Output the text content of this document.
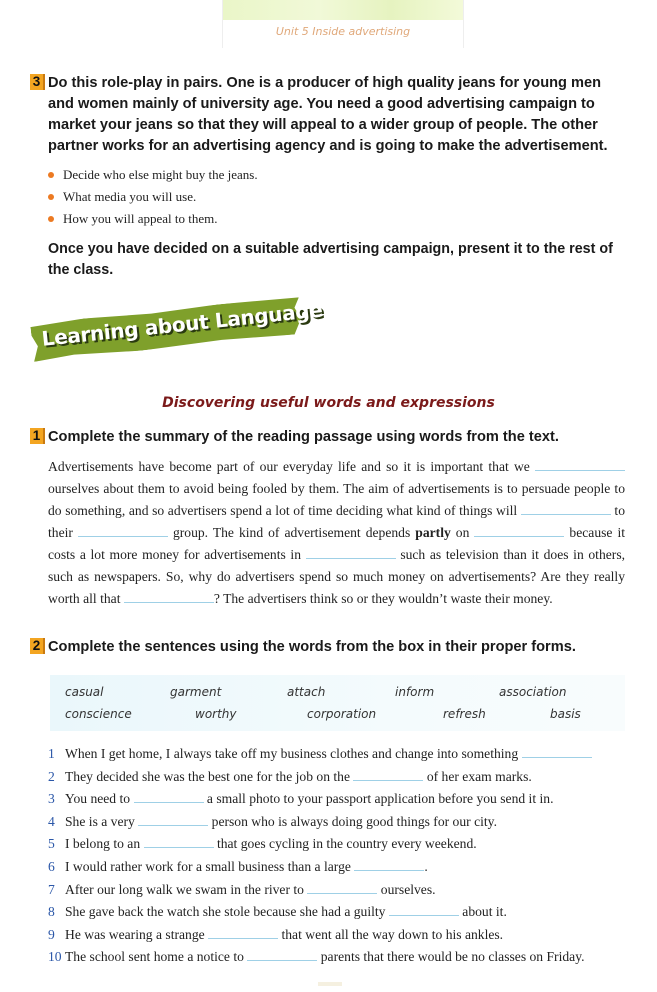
Unit 5 Inside advertising
3 Do this role-play in pairs. One is a producer of high quality jeans for young men
and women mainly of university age. You need a good advertising campaign to
market your jeans so that they will appeal to a wider group of people. The other
partner works for an advertising agency and is going to make the advertisement.
Decide who else might buy the jeans.
What media you will use.
How you will appeal to them.
Once you have decided on a suitable advertising campaign, present it to the rest of the class.
Learning about Language
Discovering useful words and expressions
1 Complete the summary of the reading passage using words from the text.
Advertisements have become part of our everyday life and so it is important that we  ourselves about them to avoid being fooled by them. The aim of advertisements is to persuade people to do something, and so advertisers spend a lot of time deciding what kind of things will	to their	group. The kind of advertisement depends partly on	because it costs a lot more money for advertisements in	such as television than it does in others, such as newspapers. So, why do advertisers spend so much money on advertisements? Are they really worth all that	? The advertisers think so or they wouldn’t waste their money.
2 Complete the sentences using the words from the box in their proper forms.
casual	garment	attach	inform	association
conscience	worthy	corporation	refresh	basis
1 When I get home, I always take off my business clothes and change into something
2 They decided she was the best one for the job on the	of her exam marks.
3 You need to	a small photo to your passport application before you send it in.
4 She is a very	person who is always doing good things for our city.
5 I belong to an	that goes cycling in the country every weekend.
6 I would rather work for a small business than a large	.
7 After our long walk we swam in the river to	ourselves.
8 She gave back the watch she stole because she had a guilty	about it.
9 He was wearing a strange	that went all the way down to his ankles.
10 The school sent home a notice to	parents that there would be no classes on Friday.
